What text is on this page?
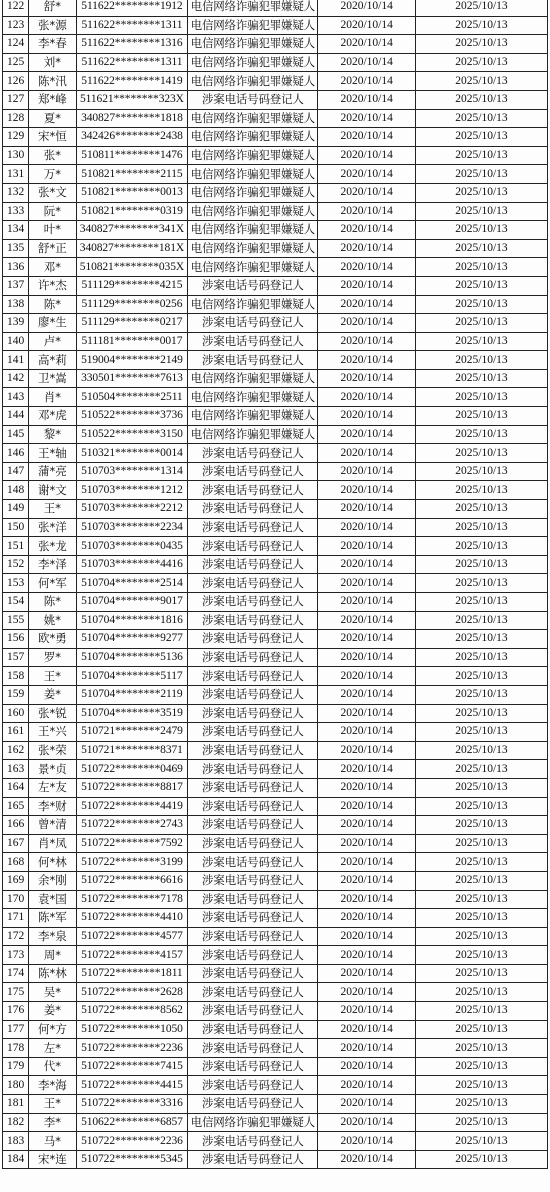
122	舒*	511622********1912	电信网络诈骗犯罪嫌疑人	2020/10/14	2025/10/13
123	张*源	511622********1311	电信网络诈骗犯罪嫌疑人	2020/10/14	2025/10/13
124	李*春	511622********1316	电信网络诈骗犯罪嫌疑人	2020/10/14	2025/10/13
125	刘*	511622********1311	电信网络诈骗犯罪嫌疑人	2020/10/14	2025/10/13
126	陈*汛	511622********1419	电信网络诈骗犯罪嫌疑人	2020/10/14	2025/10/13
127	郑*峰	511621********323X	涉案电话号码登记人	2020/10/14	2025/10/13
128	夏*	340827********1818	电信网络诈骗犯罪嫌疑人	2020/10/14	2025/10/13
129	宋*恒	342426********2438	电信网络诈骗犯罪嫌疑人	2020/10/14	2025/10/13
130	张*	510811********1476	电信网络诈骗犯罪嫌疑人	2020/10/14	2025/10/13
131	万*	510821********2115	电信网络诈骗犯罪嫌疑人	2020/10/14	2025/10/13
132	张*文	510821********0013	电信网络诈骗犯罪嫌疑人	2020/10/14	2025/10/13
133	阮*	510821********0319	电信网络诈骗犯罪嫌疑人	2020/10/14	2025/10/13
134	叶*	340827********341X	电信网络诈骗犯罪嫌疑人	2020/10/14	2025/10/13
135	舒*正	340827********181X	电信网络诈骗犯罪嫌疑人	2020/10/14	2025/10/13
136	邓*	510821********035X	电信网络诈骗犯罪嫌疑人	2020/10/14	2025/10/13
137	许*杰	511129********4215	涉案电话号码登记人	2020/10/14	2025/10/13
138	陈*	511129********0256	电信网络诈骗犯罪嫌疑人	2020/10/14	2025/10/13
139	廖*生	511129********0217	涉案电话号码登记人	2020/10/14	2025/10/13
140	卢*	511181********0017	涉案电话号码登记人	2020/10/14	2025/10/13
141	高*莉	519004********2149	涉案电话号码登记人	2020/10/14	2025/10/13
142	卫*嵩	330501********7613	电信网络诈骗犯罪嫌疑人	2020/10/14	2025/10/13
143	肖*	510504********2511	电信网络诈骗犯罪嫌疑人	2020/10/14	2025/10/13
144	邓*虎	510522********3736	电信网络诈骗犯罪嫌疑人	2020/10/14	2025/10/13
145	黎*	510522********3150	电信网络诈骗犯罪嫌疑人	2020/10/14	2025/10/13
146	王*轴	510321********0014	涉案电话号码登记人	2020/10/14	2025/10/13
147	蒲*亮	510703********1314	涉案电话号码登记人	2020/10/14	2025/10/13
148	谢*文	510703********1212	涉案电话号码登记人	2020/10/14	2025/10/13
149	王*	510703********2212	涉案电话号码登记人	2020/10/14	2025/10/13
150	张*洋	510703********2234	涉案电话号码登记人	2020/10/14	2025/10/13
151	张*龙	510703********0435	涉案电话号码登记人	2020/10/14	2025/10/13
152	李*泽	510703********4416	涉案电话号码登记人	2020/10/14	2025/10/13
153	何*军	510704********2514	涉案电话号码登记人	2020/10/14	2025/10/13
154	陈*	510704********9017	涉案电话号码登记人	2020/10/14	2025/10/13
155	姚*	510704********1816	涉案电话号码登记人	2020/10/14	2025/10/13
156	欧*勇	510704********9277	涉案电话号码登记人	2020/10/14	2025/10/13
157	罗*	510704********5136	涉案电话号码登记人	2020/10/14	2025/10/13
158	王*	510704********5117	涉案电话号码登记人	2020/10/14	2025/10/13
159	姜*	510704********2119	涉案电话号码登记人	2020/10/14	2025/10/13
160	张*锐	510704********3519	涉案电话号码登记人	2020/10/14	2025/10/13
161	王*兴	510721********2479	涉案电话号码登记人	2020/10/14	2025/10/13
162	张*荣	510721********8371	涉案电话号码登记人	2020/10/14	2025/10/13
163	景*贞	510722********0469	涉案电话号码登记人	2020/10/14	2025/10/13
164	左*友	510722********8817	涉案电话号码登记人	2020/10/14	2025/10/13
165	李*财	510722********4419	涉案电话号码登记人	2020/10/14	2025/10/13
166	曾*清	510722********2743	涉案电话号码登记人	2020/10/14	2025/10/13
167	肖*凤	510722********7592	涉案电话号码登记人	2020/10/14	2025/10/13
168	何*林	510722********3199	涉案电话号码登记人	2020/10/14	2025/10/13
169	余*刚	510722********6616	涉案电话号码登记人	2020/10/14	2025/10/13
170	袁*国	510722********7178	涉案电话号码登记人	2020/10/14	2025/10/13
171	陈*军	510722********4410	涉案电话号码登记人	2020/10/14	2025/10/13
172	李*泉	510722********4577	涉案电话号码登记人	2020/10/14	2025/10/13
173	周*	510722********4157	涉案电话号码登记人	2020/10/14	2025/10/13
174	陈*林	510722********1811	涉案电话号码登记人	2020/10/14	2025/10/13
175	吴*	510722********2628	涉案电话号码登记人	2020/10/14	2025/10/13
176	姜*	510722********8562	涉案电话号码登记人	2020/10/14	2025/10/13
177	何*方	510722********1050	涉案电话号码登记人	2020/10/14	2025/10/13
178	左*	510722********2236	涉案电话号码登记人	2020/10/14	2025/10/13
179	代*	510722********7415	涉案电话号码登记人	2020/10/14	2025/10/13
180	李*海	510722********4415	涉案电话号码登记人	2020/10/14	2025/10/13
181	王*	510722********3316	涉案电话号码登记人	2020/10/14	2025/10/13
182	李*	510622********6857	电信网络诈骗犯罪嫌疑人	2020/10/14	2025/10/13
183	马*	510722********2236	涉案电话号码登记人	2020/10/14	2025/10/13
184	宋*连	510722********5345	涉案电话号码登记人	2020/10/14	2025/10/13
